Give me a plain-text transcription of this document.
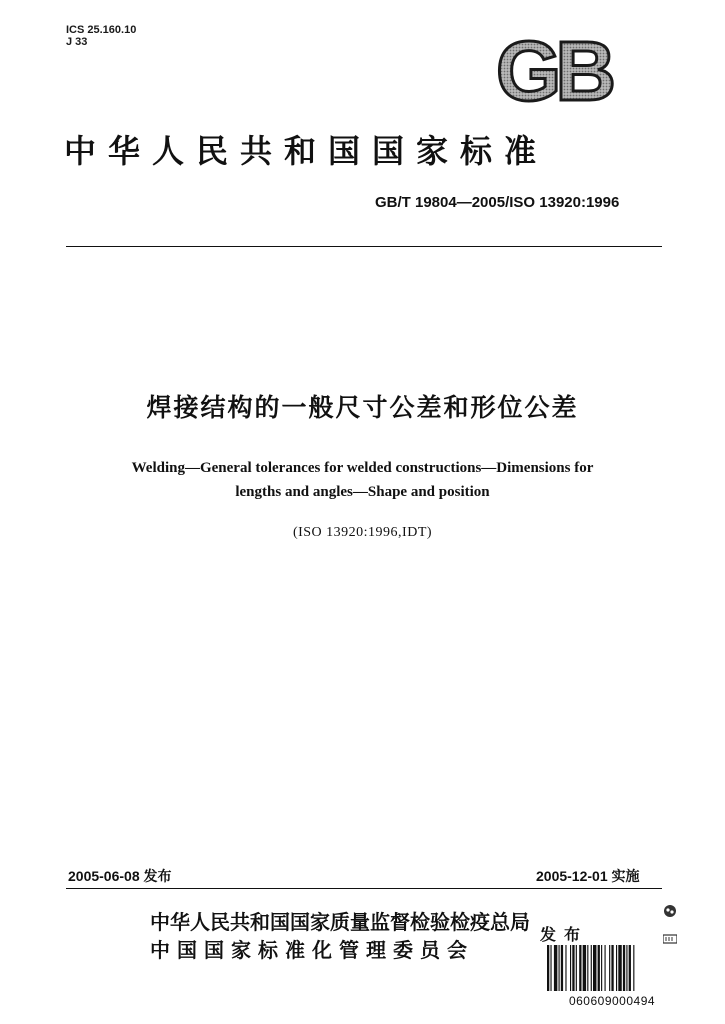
ICS 25.160.10
J 33	GB
中华人民共和国国家标准
GB/T 19804—2005/ISO 13920:1996
焊接结构的一般尺寸公差和形位公差
Welding—General tolerances for welded constructions—Dimensions for
lengths and angles—Shape and position
(ISO 13920:1996,IDT)
2005-06-08 发布	2005-12-01 实施
中华人民共和国国家质量监督检验检疫总局
中国国家标准化管理委员会
发布
060609000494
